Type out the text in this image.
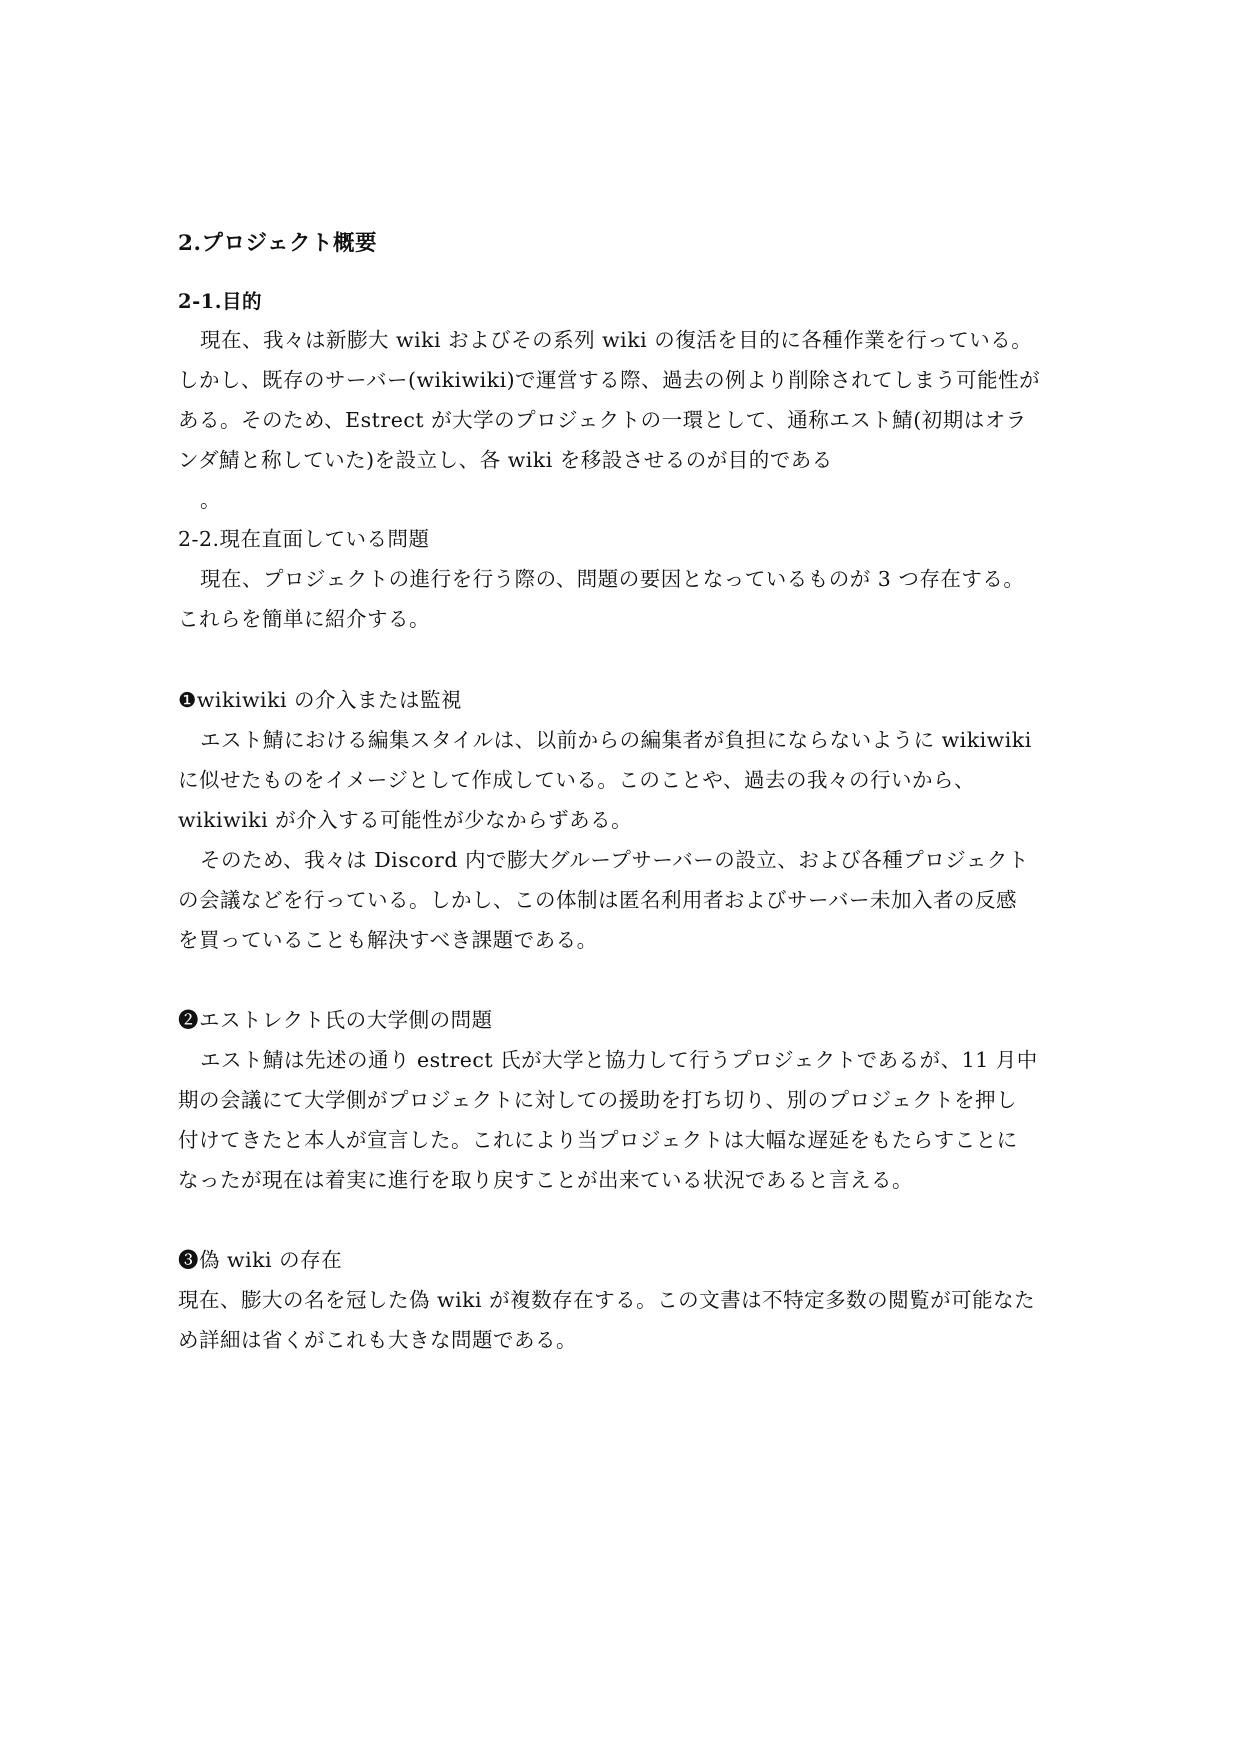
2.プロジェクト概要
2-1.目的
現在、我々は新膨大 wiki およびその系列 wiki の復活を目的に各種作業を行っている。
しかし、既存のサーバー(wikiwiki)で運営する際、過去の例より削除されてしまう可能性が
ある。そのため、Estrect が大学のプロジェクトの一環として、通称エスト鯖(初期はオラ
ンダ鯖と称していた)を設立し、各 wiki を移設させるのが目的である
。
2-2.現在直面している問題
現在、プロジェクトの進行を行う際の、問題の要因となっているものが 3 つ存在する。
これらを簡単に紹介する。
❶wikiwiki の介入または監視
エスト鯖における編集スタイルは、以前からの編集者が負担にならないように wikiwiki
に似せたものをイメージとして作成している。このことや、過去の我々の行いから、
wikiwiki が介入する可能性が少なからずある。
そのため、我々は Discord 内で膨大グループサーバーの設立、および各種プロジェクト
の会議などを行っている。しかし、この体制は匿名利用者およびサーバー未加入者の反感
を買っていることも解決すべき課題である。
❷エストレクト氏の大学側の問題
エスト鯖は先述の通り estrect 氏が大学と協力して行うプロジェクトであるが、11 月中
期の会議にて大学側がプロジェクトに対しての援助を打ち切り、別のプロジェクトを押し
付けてきたと本人が宣言した。これにより当プロジェクトは大幅な遅延をもたらすことに
なったが現在は着実に進行を取り戻すことが出来ている状況であると言える。
❸偽 wiki の存在
現在、膨大の名を冠した偽 wiki が複数存在する。この文書は不特定多数の閲覧が可能なた
め詳細は省くがこれも大きな問題である。
